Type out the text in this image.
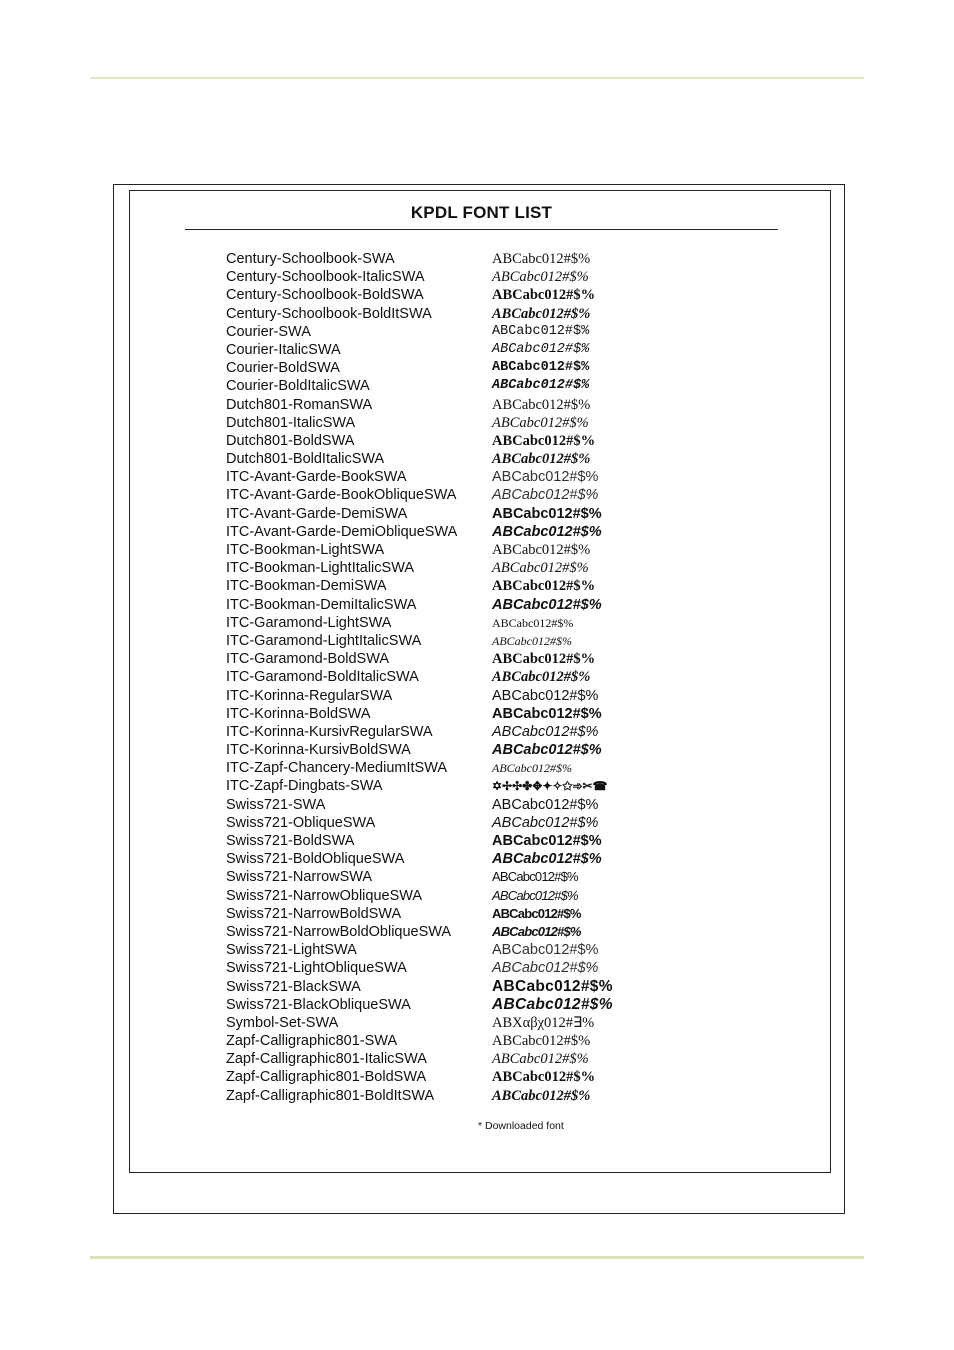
KPDL FONT LIST
Century-Schoolbook-SWA	ABCabc012#$%
Century-Schoolbook-ItalicSWA	ABCabc012#$%
Century-Schoolbook-BoldSWA	ABCabc012#$%
Century-Schoolbook-BoldItSWA	ABCabc012#$%
Courier-SWA	ABCabc012#$%
Courier-ItalicSWA	ABCabc012#$%
Courier-BoldSWA	ABCabc012#$%
Courier-BoldItalicSWA	ABCabc012#$%
Dutch801-RomanSWA	ABCabc012#$%
Dutch801-ItalicSWA	ABCabc012#$%
Dutch801-BoldSWA	ABCabc012#$%
Dutch801-BoldItalicSWA	ABCabc012#$%
ITC-Avant-Garde-BookSWA	ABCabc012#$%
ITC-Avant-Garde-BookObliqueSWA ABCabc012#$%
ITC-Avant-Garde-DemiSWA	ABCabc012#$%
ITC-Avant-Garde-DemiObliqueSWA ABCabc012#$%
ITC-Bookman-LightSWA	ABCabc012#$%
ITC-Bookman-LightItalicSWA	ABCabc012#$%
ITC-Bookman-DemiSWA	ABCabc012#$%
ITC-Bookman-DemiItalicSWA	ABCabc012#$%
ITC-Garamond-LightSWA	ABCabc012#$%
ITC-Garamond-LightItalicSWA	ABCabc012#$%
ITC-Garamond-BoldSWA	ABCabc012#$%
ITC-Garamond-BoldItalicSWA	ABCabc012#$%
ITC-Korinna-RegularSWA	ABCabc012#$%
ITC-Korinna-BoldSWA	ABCabc012#$%
ITC-Korinna-KursivRegularSWA	ABCabc012#$%
ITC-Korinna-KursivBoldSWA	ABCabc012#$%
ITC-Zapf-Chancery-MediumItSWA	ABCabc012#$%
ITC-Zapf-Dingbats-SWA	✡✢✣✤✥✦✧✩➾✂☎
Swiss721-SWA	ABCabc012#$%
Swiss721-ObliqueSWA	ABCabc012#$%
Swiss721-BoldSWA	ABCabc012#$%
Swiss721-BoldObliqueSWA	ABCabc012#$%
Swiss721-NarrowSWA	ABCabc012#$%
Swiss721-NarrowObliqueSWA	ABCabc012#$%
Swiss721-NarrowBoldSWA	ABCabc012#$%
Swiss721-NarrowBoldObliqueSWA	ABCabc012#$%
Swiss721-LightSWA	ABCabc012#$%
Swiss721-LightObliqueSWA	ABCabc012#$%
Swiss721-BlackSWA	ABCabc012#$%
Swiss721-BlackObliqueSWA	ABCabc012#$%
Symbol-Set-SWA	ΑΒΧαβχ012#∃%
Zapf-Calligraphic801-SWA	ABCabc012#$%
Zapf-Calligraphic801-ItalicSWA	ABCabc012#$%
Zapf-Calligraphic801-BoldSWA	ABCabc012#$%
Zapf-Calligraphic801-BoldItSWA	ABCabc012#$%
* Downloaded font
